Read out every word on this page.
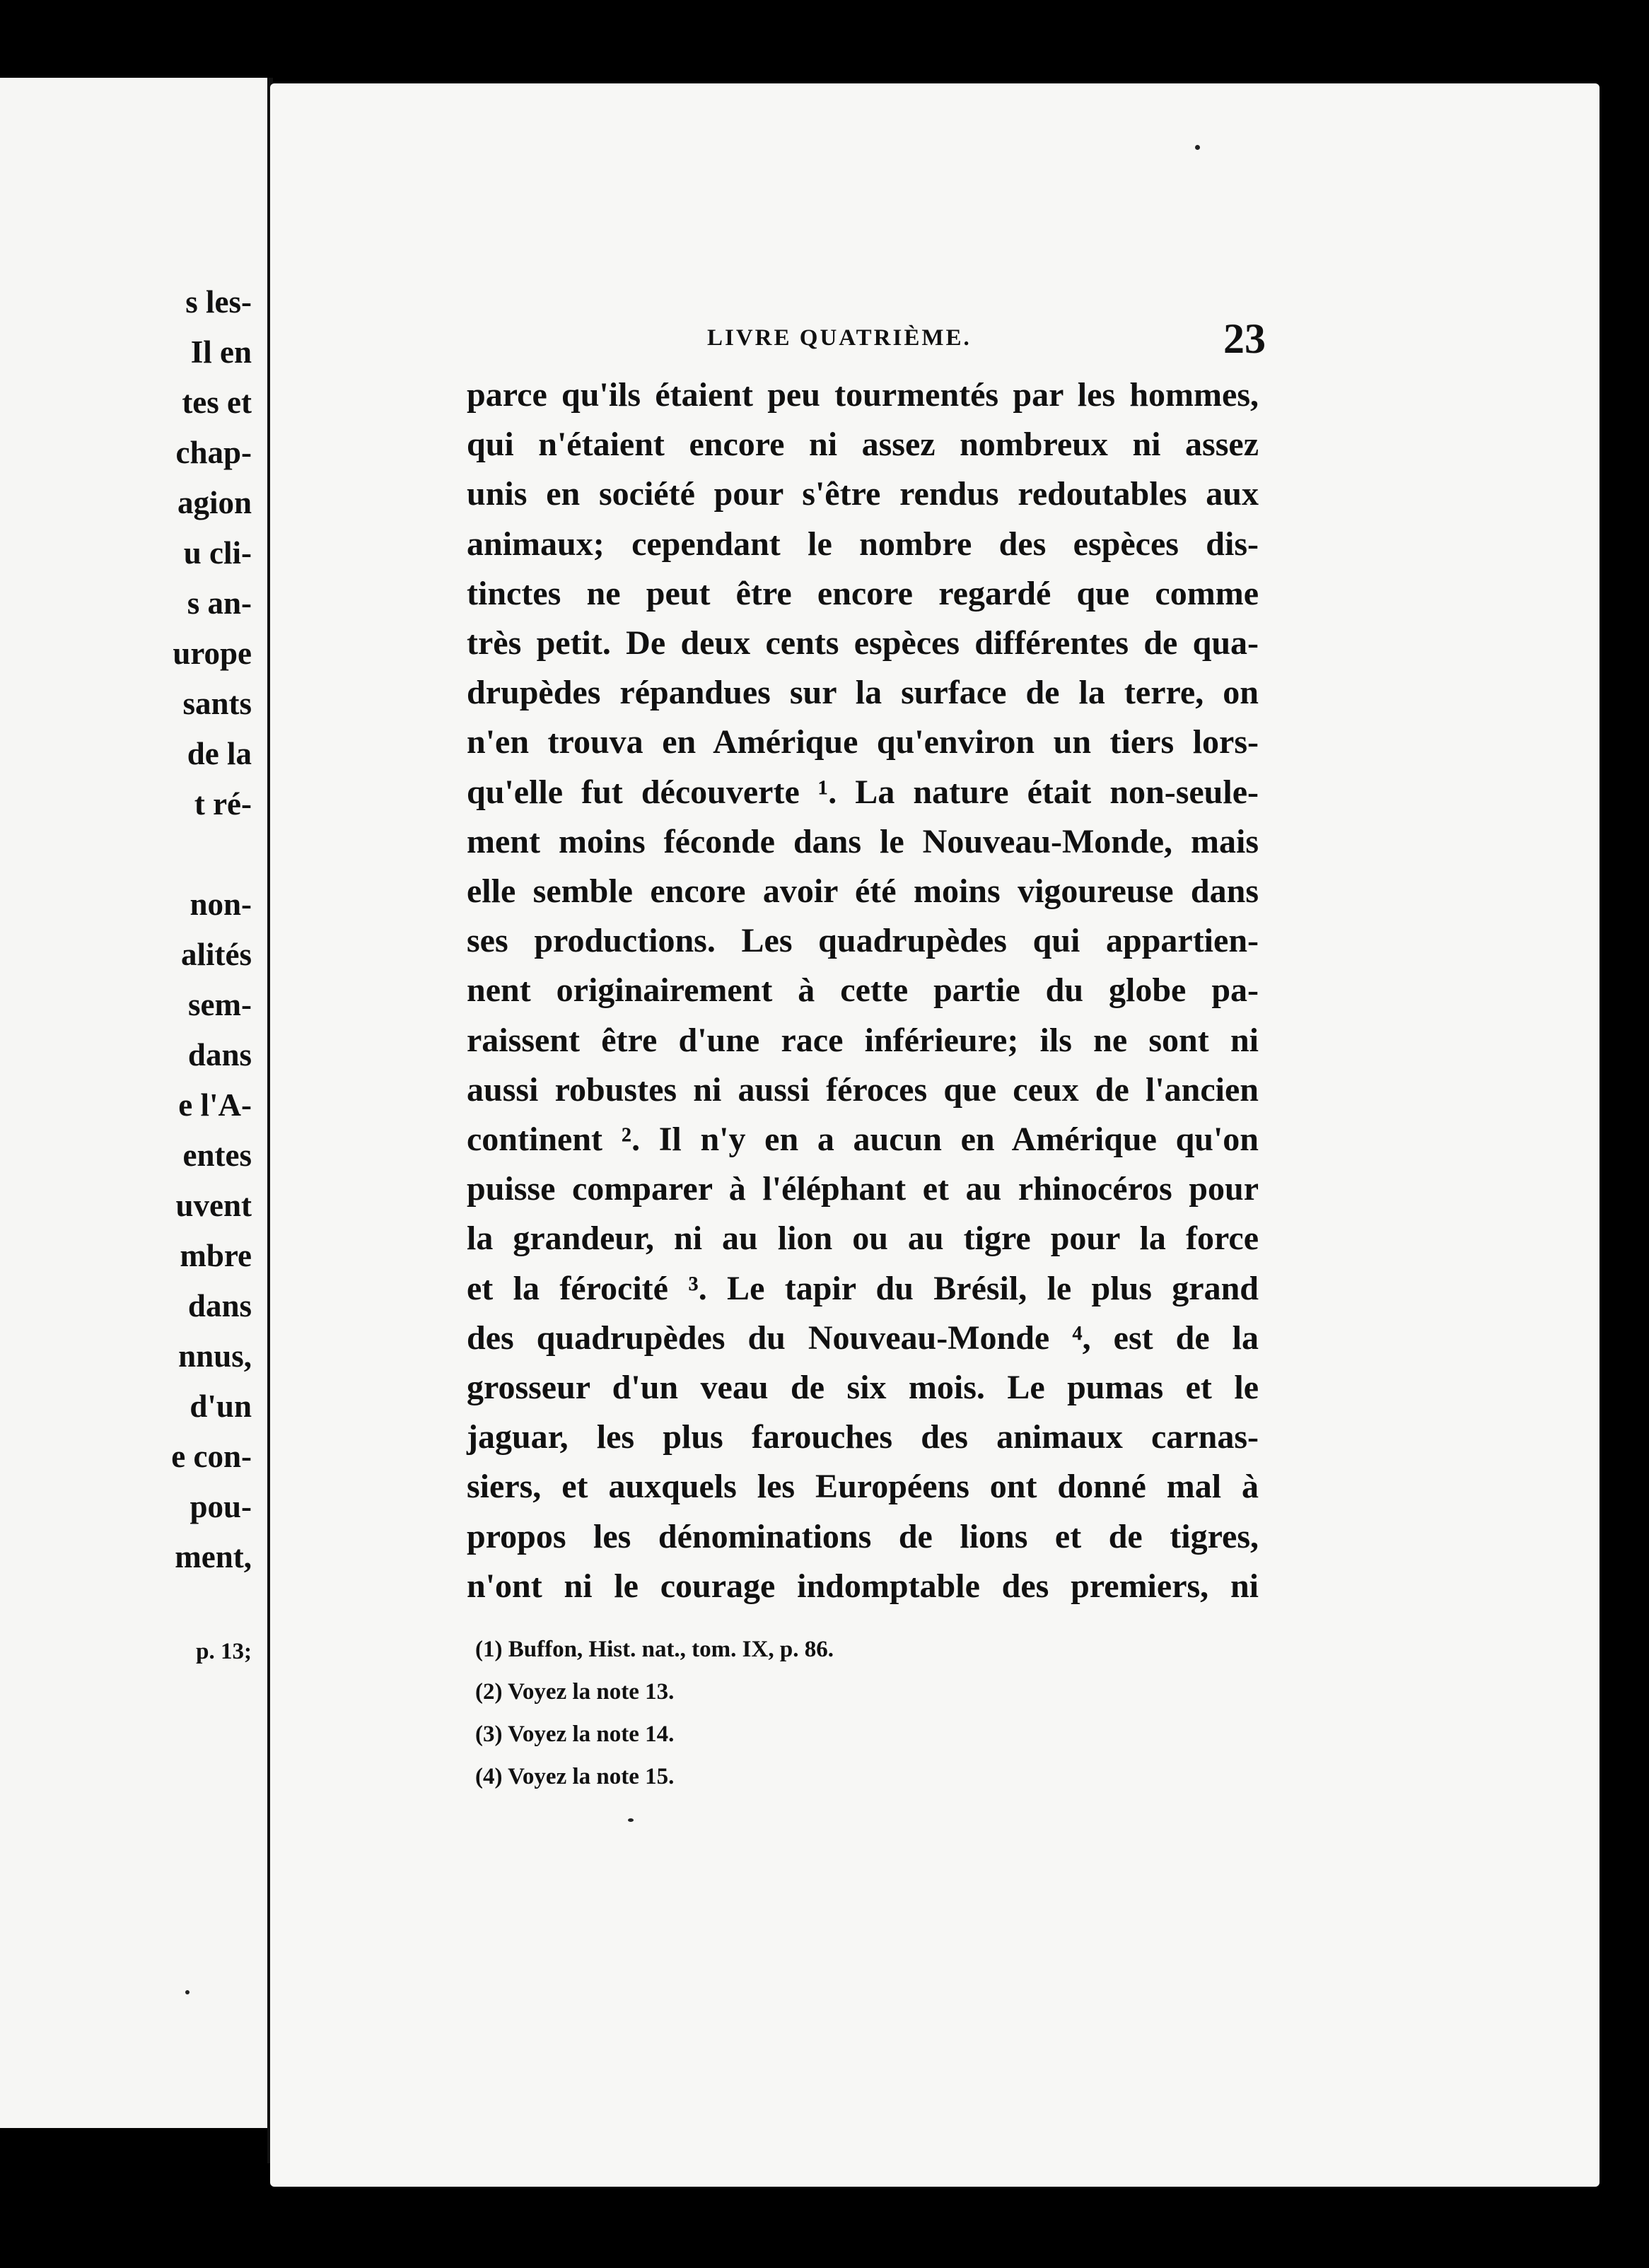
s les-
Il en
tes et
chap-
agion
u cli-
s an-
urope
sants
de la
t ré-
non-
alités
sem-
dans
e l'A-
entes
uvent
mbre
dans
nnus,
d'un
e con-
pou-
ment,
p. 13;
LIVRE QUATRIÈME.	23
parce qu'ils étaient peu tourmentés par les hommes,
qui n'étaient encore ni assez nombreux ni assez
unis en société pour s'être rendus redoutables aux
animaux; cependant le nombre des espèces dis-
tinctes ne peut être encore regardé que comme
très petit. De deux cents espèces différentes de qua-
drupèdes répandues sur la surface de la terre, on
n'en trouva en Amérique qu'environ un tiers lors-
qu'elle fut découverte ¹. La nature était non-seule-
ment moins féconde dans le Nouveau-Monde, mais
elle semble encore avoir été moins vigoureuse dans
ses productions. Les quadrupèdes qui appartien-
nent originairement à cette partie du globe pa-
raissent être d'une race inférieure; ils ne sont ni
aussi robustes ni aussi féroces que ceux de l'ancien
continent ². Il n'y en a aucun en Amérique qu'on
puisse comparer à l'éléphant et au rhinocéros pour
la grandeur, ni au lion ou au tigre pour la force
et la férocité ³. Le tapir du Brésil, le plus grand
des quadrupèdes du Nouveau-Monde ⁴, est de la
grosseur d'un veau de six mois. Le pumas et le
jaguar, les plus farouches des animaux carnas-
siers, et auxquels les Européens ont donné mal à
propos les dénominations de lions et de tigres,
n'ont ni le courage indomptable des premiers, ni
(1) Buffon, Hist. nat., tom. IX, p. 86.
(2) Voyez la note 13.
(3) Voyez la note 14.
(4) Voyez la note 15.
